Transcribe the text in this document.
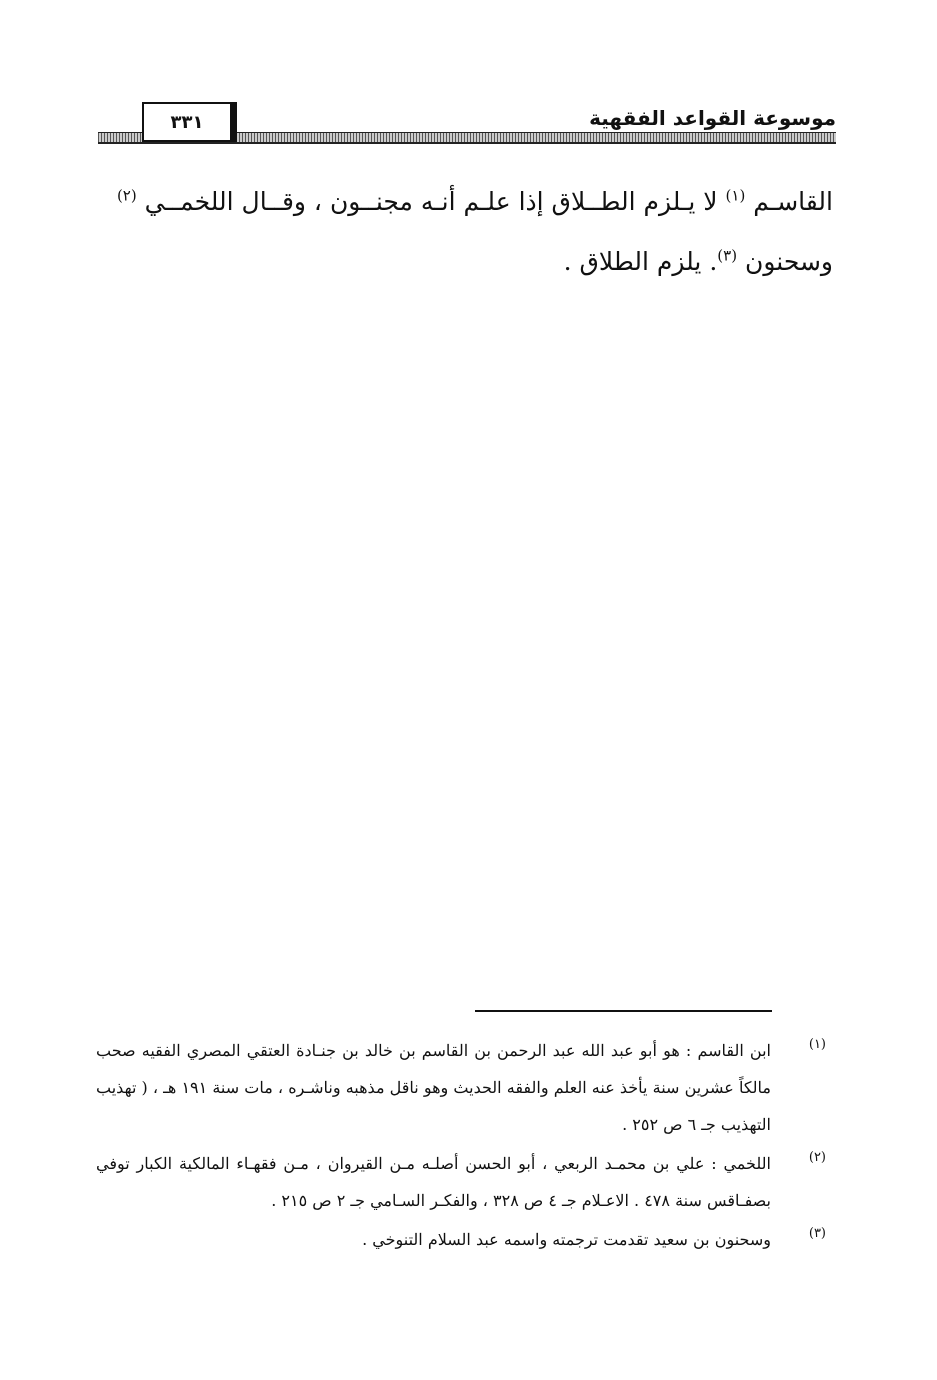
موسوعة القواعد الفقهية
٣٣١

القاسـم $^{(١)}$ لا يـلزم الطــلاق إذا علـم أنـه مجنــون ، وقــال اللخمــي $^{(٢)}$

وسحنون $^{(٣)}$. يلزم الطلاق .

(١)
ابن القاسم : هو أبو عبد الله عبد الرحمن بن القاسم بن خالد بن جنـادة العتقي المصري الفقيه صحب مالكاً عشرين سنة يأخذ عنه العلم والفقه الحديث وهو ناقل مذهبه وناشـره ، مات سنة ١٩١ هـ ، ( تهذيب التهذيب جـ ٦ ص ٢٥٢ .
(٢)
اللخمي : علي بن محمـد الربعي ، أبو الحسن أصلـه مـن القيروان ، مـن فقهـاء المالكية الكبار توفي بصفـاقس سنة ٤٧٨ . الاعـلام جـ ٤ ص ٣٢٨ ، والفكـر السـامي جـ ٢ ص ٢١٥ .
(٣)
وسحنون بن سعيد تقدمت ترجمته واسمه عبد السلام التنوخي .
